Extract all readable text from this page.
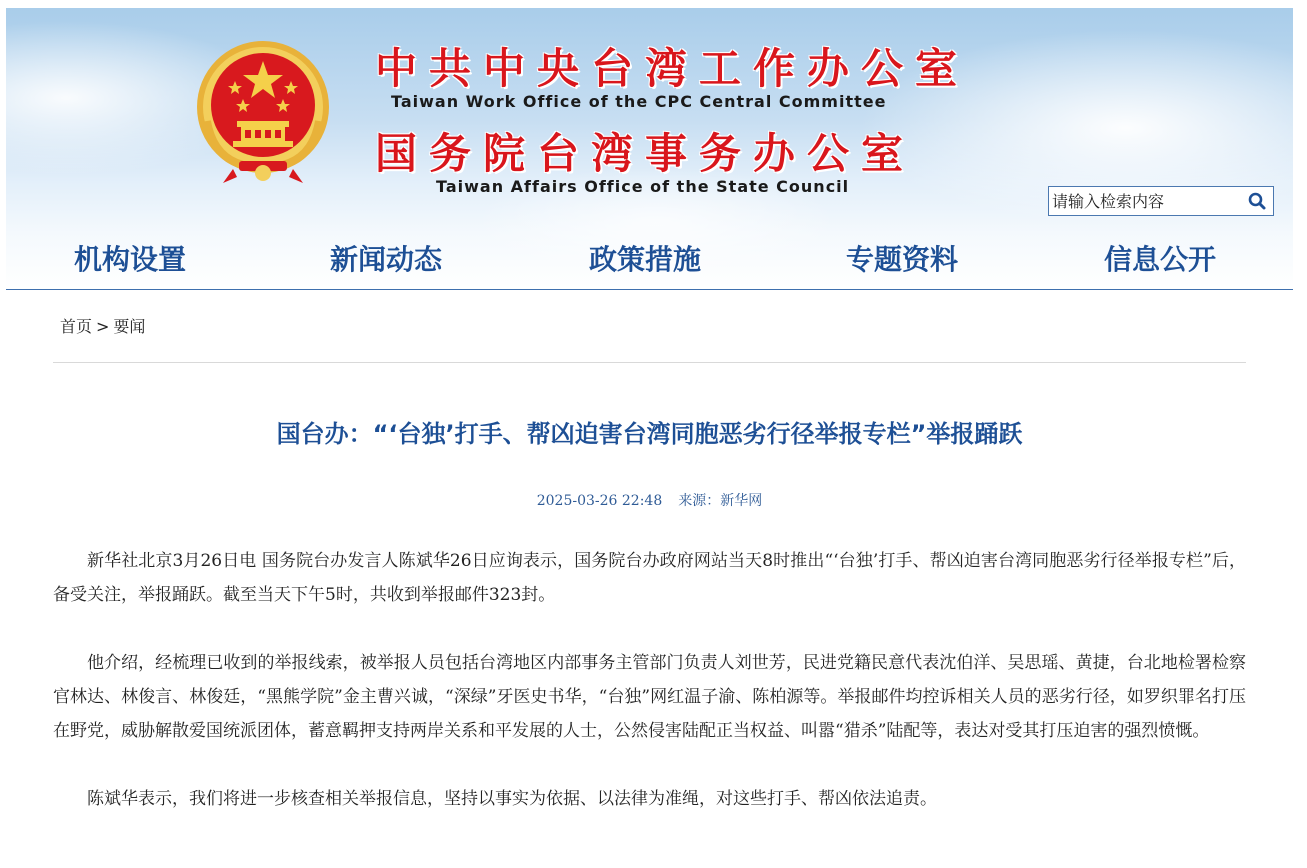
中共中央台湾工作办公室
Taiwan Work Office of the CPC Central Committee
国务院台湾事务办公室
Taiwan Affairs Office of the State Council
请输入检索内容
机构设置	新闻动态	政策措施	专题资料	信息公开
首页 > 要闻
国台办：“‘台独’打手、帮凶迫害台湾同胞恶劣行径举报专栏”举报踊跃
2025-03-26 22:48 来源：新华网

新华社北京3月26日电 国务院台办发言人陈斌华26日应询表示，国务院台办政府网站当天8时推出“‘台独’打手、帮凶迫害台湾同胞恶劣行径举报专栏”后，备受关注，举报踊跃。截至当天下午5时，共收到举报邮件323封。

他介绍，经梳理已收到的举报线索，被举报人员包括台湾地区内部事务主管部门负责人刘世芳，民进党籍民意代表沈伯洋、吴思瑶、黄捷，台北地检署检察官林达、林俊言、林俊廷，“黑熊学院”金主曹兴诚，“深绿”牙医史书华，“台独”网红温子渝、陈柏源等。举报邮件均控诉相关人员的恶劣行径，如罗织罪名打压在野党，威胁解散爱国统派团体，蓄意羁押支持两岸关系和平发展的人士，公然侵害陆配正当权益、叫嚣“猎杀”陆配等，表达对受其打压迫害的强烈愤慨。

陈斌华表示，我们将进一步核查相关举报信息，坚持以事实为依据、以法律为准绳，对这些打手、帮凶依法追责。
